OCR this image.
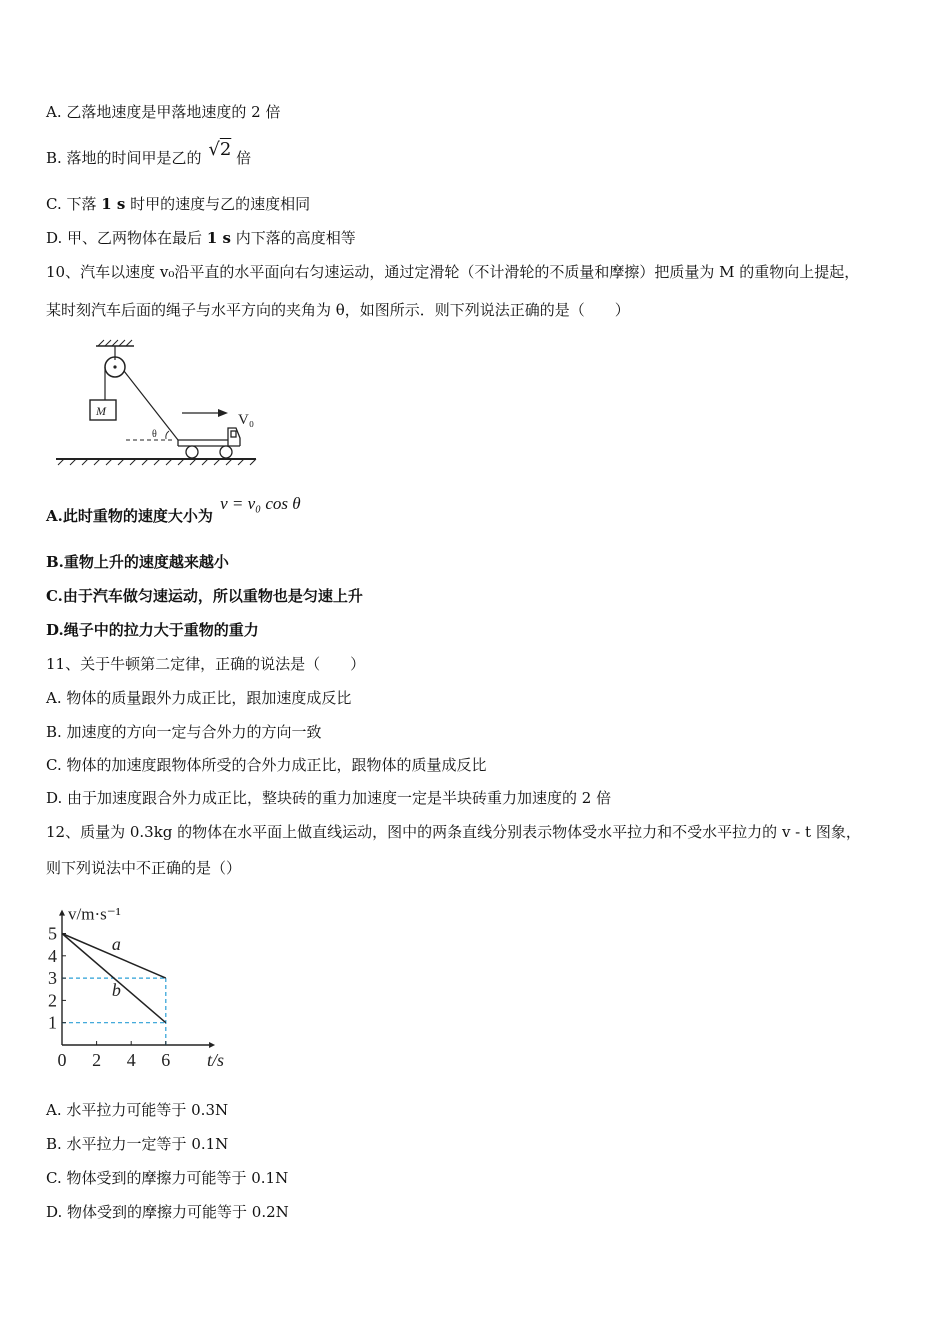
A. 乙落地速度是甲落地速度的 2 倍
B. 落地的时间甲是乙的 √2 倍
C. 下落 1 s 时甲的速度与乙的速度相同
D. 甲、乙两物体在最后 1 s 内下落的高度相等
10、汽车以速度 v₀沿平直的水平面向右匀速运动，通过定滑轮（不计滑轮的不质量和摩擦）把质量为 M 的重物向上提起，
某时刻汽车后面的绳子与水平方向的夹角为 θ，如图所示．则下列说法正确的是（　　）
M
θ
V₀
A.此时重物的速度大小为 v = v₀ cos θ
B.重物上升的速度越来越小
C.由于汽车做匀速运动，所以重物也是匀速上升
D.绳子中的拉力大于重物的重力
11、关于牛顿第二定律，正确的说法是（　　）
A. 物体的质量跟外力成正比，跟加速度成反比
B. 加速度的方向一定与合外力的方向一致
C. 物体的加速度跟物体所受的合外力成正比，跟物体的质量成反比
D. 由于加速度跟合外力成正比，整块砖的重力加速度一定是半块砖重力加速度的 2 倍
12、质量为 0.3kg 的物体在水平面上做直线运动，图中的两条直线分别表示物体受水平拉力和不受水平拉力的 v - t 图象，
则下列说法中不正确的是（）
a
b
0 2 4 6
1
2
3
4
5
v/m·s⁻¹
t/s
A. 水平拉力可能等于 0.3N
B. 水平拉力一定等于 0.1N
C. 物体受到的摩擦力可能等于 0.1N
D. 物体受到的摩擦力可能等于 0.2N
